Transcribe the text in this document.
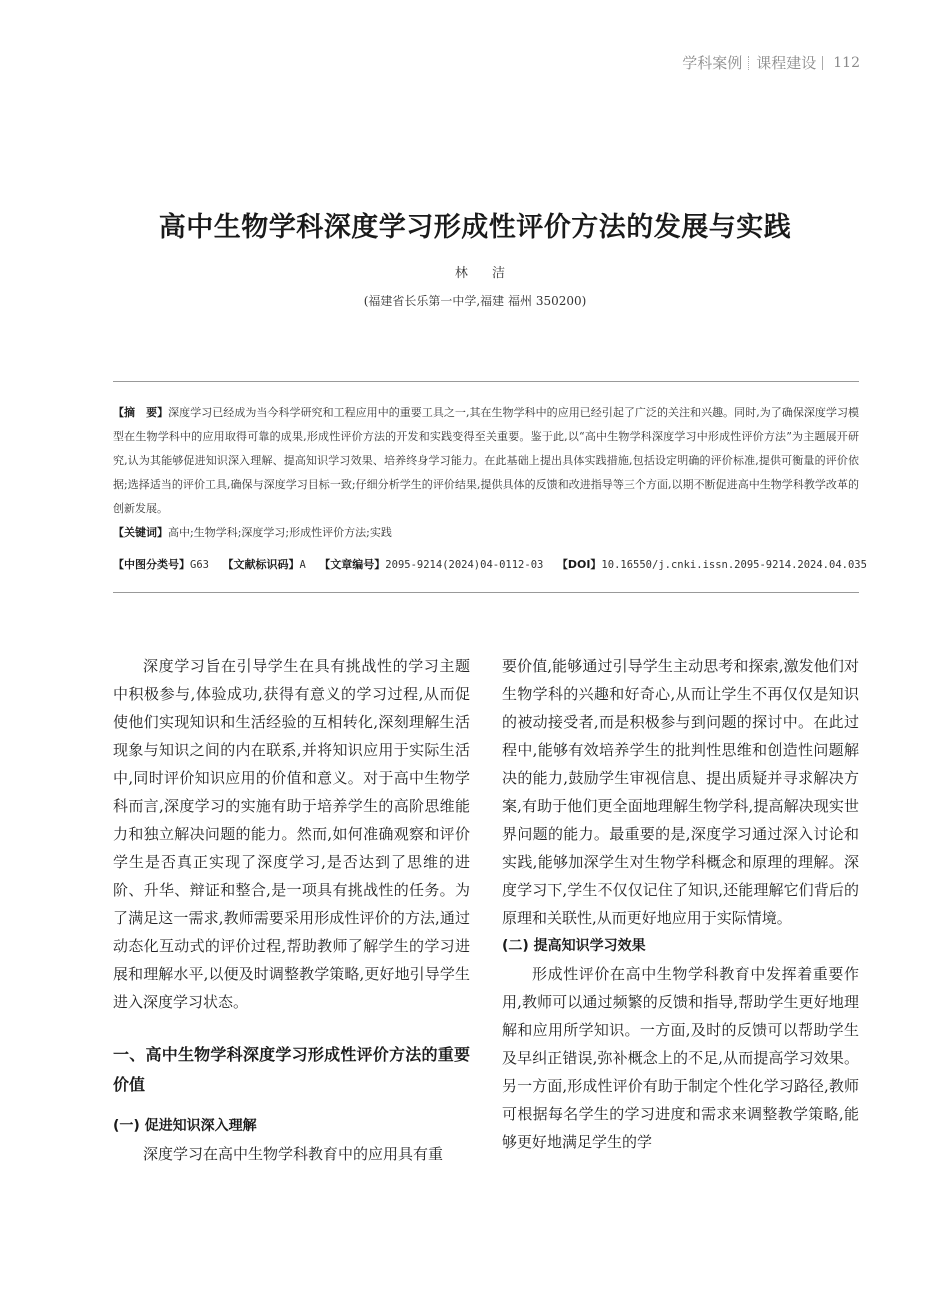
学科案例 课程建设 112
高中生物学科深度学习形成性评价方法的发展与实践
林 洁
(福建省长乐第一中学,福建 福州 350200)
【摘　要】深度学习已经成为当今科学研究和工程应用中的重要工具之一,其在生物学科中的应用已经引起了广泛的关注和兴趣。同时,为了确保深度学习模型在生物学科中的应用取得可靠的成果,形成性评价方法的开发和实践变得至关重要。鉴于此,以“高中生物学科深度学习中形成性评价方法”为主题展开研究,认为其能够促进知识深入理解、提高知识学习效果、培养终身学习能力。在此基础上提出具体实践措施,包括设定明确的评价标准,提供可衡量的评价依据;选择适当的评价工具,确保与深度学习目标一致;仔细分析学生的评价结果,提供具体的反馈和改进指导等三个方面,以期不断促进高中生物学科教学改革的创新发展。
【关键词】高中;生物学科;深度学习;形成性评价方法;实践
【中图分类号】G63 【文献标识码】A 【文章编号】2095-9214(2024)04-0112-03 【DOI】10.16550/j.cnki.issn.2095-9214.2024.04.035

深度学习旨在引导学生在具有挑战性的学习主题中积极参与,体验成功,获得有意义的学习过程,从而促使他们实现知识和生活经验的互相转化,深刻理解生活现象与知识之间的内在联系,并将知识应用于实际生活中,同时评价知识应用的价值和意义。对于高中生物学科而言,深度学习的实施有助于培养学生的高阶思维能力和独立解决问题的能力。然而,如何准确观察和评价学生是否真正实现了深度学习,是否达到了思维的进阶、升华、辩证和整合,是一项具有挑战性的任务。为了满足这一需求,教师需要采用形成性评价的方法,通过动态化互动式的评价过程,帮助教师了解学生的学习进展和理解水平,以便及时调整教学策略,更好地引导学生进入深度学习状态。

一、高中生物学科深度学习形成性评价方法的重要价值
(一) 促进知识深入理解

深度学习在高中生物学科教育中的应用具有重

要价值,能够通过引导学生主动思考和探索,激发他们对生物学科的兴趣和好奇心,从而让学生不再仅仅是知识的被动接受者,而是积极参与到问题的探讨中。在此过程中,能够有效培养学生的批判性思维和创造性问题解决的能力,鼓励学生审视信息、提出质疑并寻求解决方案,有助于他们更全面地理解生物学科,提高解决现实世界问题的能力。最重要的是,深度学习通过深入讨论和实践,能够加深学生对生物学科概念和原理的理解。深度学习下,学生不仅仅记住了知识,还能理解它们背后的原理和关联性,从而更好地应用于实际情境。

(二) 提高知识学习效果

形成性评价在高中生物学科教育中发挥着重要作用,教师可以通过频繁的反馈和指导,帮助学生更好地理解和应用所学知识。一方面,及时的反馈可以帮助学生及早纠正错误,弥补概念上的不足,从而提高学习效果。另一方面,形成性评价有助于制定个性化学习路径,教师可根据每名学生的学习进度和需求来调整教学策略,能够更好地满足学生的学
